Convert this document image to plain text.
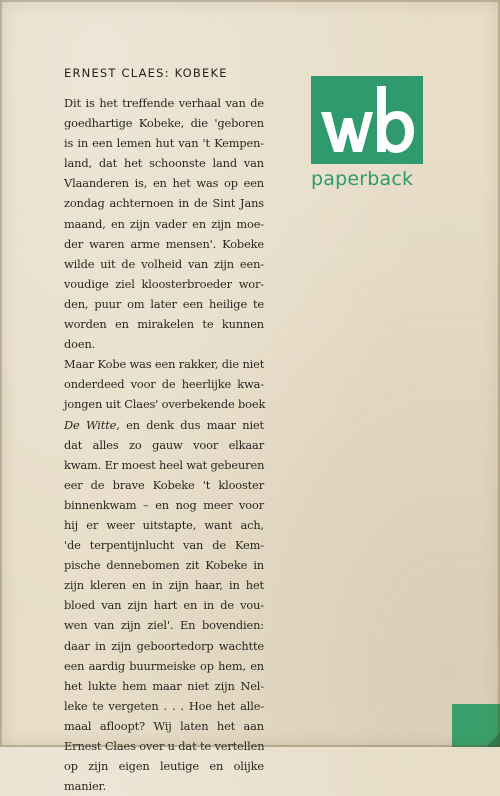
ERNEST CLAES: KOBEKE

Dit is het treffende verhaal van de
goedhartige Kobeke, die 'geboren
is in een lemen hut van 't Kempen-
land, dat het schoonste land van
Vlaanderen is, en het was op een
zondag achternoen in de Sint Jans
maand, en zijn vader en zijn moe-
der waren arme mensen'. Kobeke
wilde uit de volheid van zijn een-
voudige ziel kloosterbroeder wor-
den, puur om later een heilige te
worden en mirakelen te kunnen
doen.

Maar Kobe was een rakker, die niet
onderdeed voor de heerlijke kwa-
jongen uit Claes' overbekende boek
De Witte, en denk dus maar niet
dat alles zo gauw voor elkaar
kwam. Er moest heel wat gebeuren
eer de brave Kobeke 't klooster
binnenkwam – en nog meer voor
hij er weer uitstapte, want ach,
'de terpentijnlucht van de Kem-
pische dennebomen zit Kobeke in
zijn kleren en in zijn haar, in het
bloed van zijn hart en in de vou-
wen van zijn ziel'. En bovendien:
daar in zijn geboortedorp wachtte
een aardig buurmeiske op hem, en
het lukte hem maar niet zijn Nel-
leke te vergeten . . . Hoe het alle-
maal afloopt? Wij laten het aan
Ernest Claes over u dat te vertellen
op zijn eigen leutige en olijke
manier.

paperback
